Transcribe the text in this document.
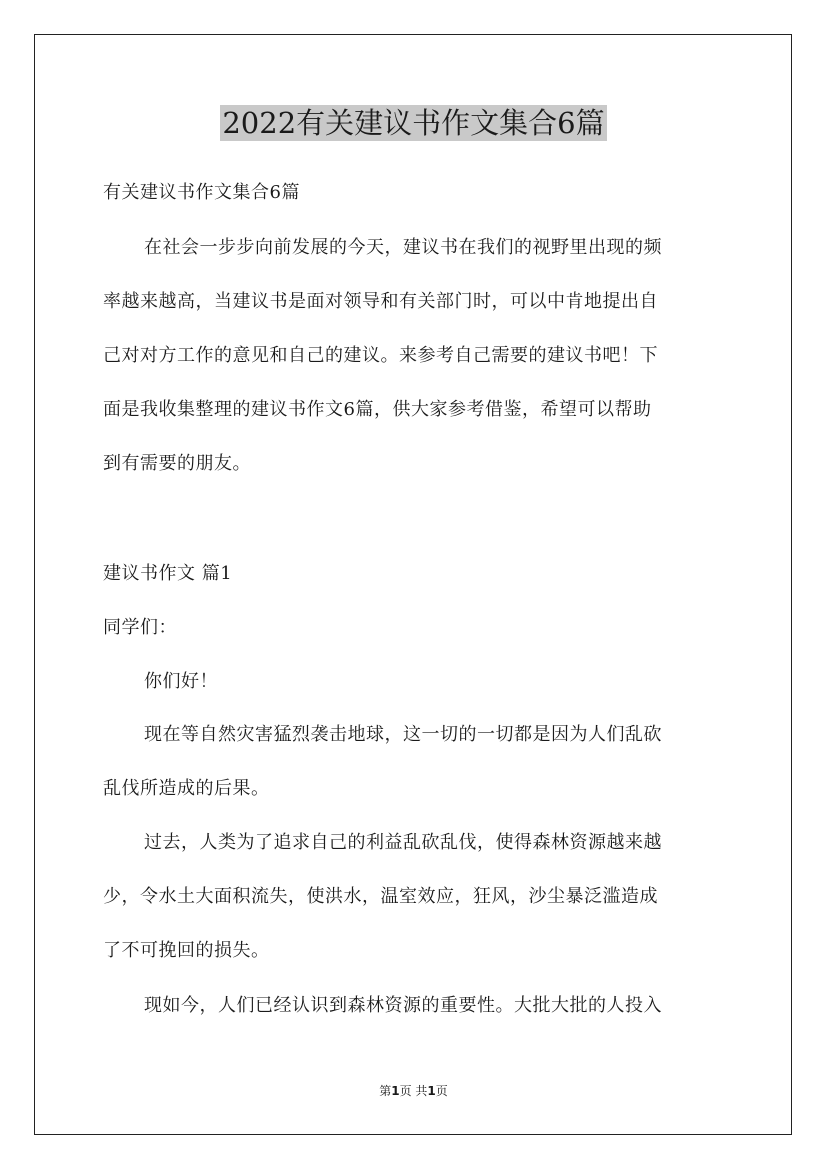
2022有关建议书作文集合6篇

有关建议书作文集合6篇

在社会一步步向前发展的今天，建议书在我们的视野里出现的频

率越来越高，当建议书是面对领导和有关部门时，可以中肯地提出自

己对对方工作的意见和自己的建议。来参考自己需要的建议书吧！下

面是我收集整理的建议书作文6篇，供大家参考借鉴，希望可以帮助

到有需要的朋友。

建议书作文 篇1

同学们：

你们好！

现在等自然灾害猛烈袭击地球，这一切的一切都是因为人们乱砍

乱伐所造成的后果。

过去，人类为了追求自己的利益乱砍乱伐，使得森林资源越来越

少，令水土大面积流失，使洪水，温室效应，狂风，沙尘暴泛滥造成

了不可挽回的损失。

现如今，人们已经认识到森林资源的重要性。大批大批的人投入

第1页 共1页
